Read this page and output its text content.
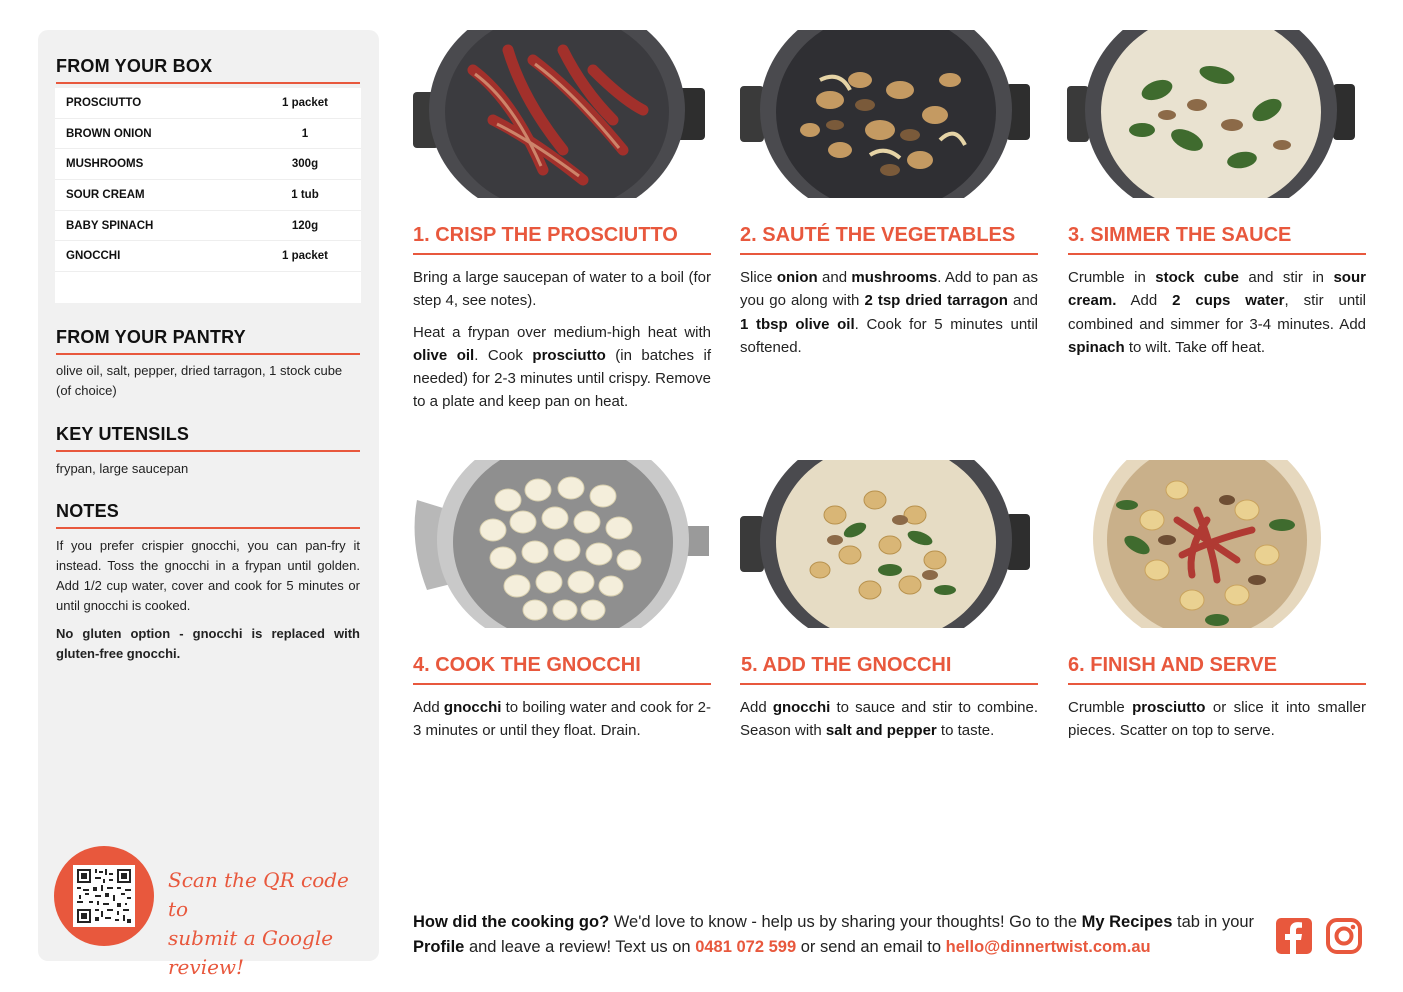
FROM YOUR BOX
PROSCIUTTO	1 packet
BROWN ONION	1
MUSHROOMS	300g
SOUR CREAM	1 tub
BABY SPINACH	120g
GNOCCHI	1 packet
FROM YOUR PANTRY
olive oil, salt, pepper, dried tarragon, 1 stock cube (of choice)
KEY UTENSILS
frypan, large saucepan
NOTES
If you prefer crispier gnocchi, you can pan-fry it instead. Toss the gnocchi in a frypan until golden. Add 1/2 cup water, cover and cook for 5 minutes or until gnocchi is cooked.
No gluten option - gnocchi is replaced with gluten-free gnocchi.
Scan the QR code to
submit a Google review!
1. CRISP THE PROSCIUTTO

Bring a large saucepan of water to a boil (for step 4, see notes).

Heat a frypan over medium-high heat with olive oil. Cook prosciutto (in batches if needed) for 2-3 minutes until crispy. Remove to a plate and keep pan on heat.

2. SAUTÉ THE VEGETABLES

Slice onion and mushrooms. Add to pan as you go along with 2 tsp dried tarragon and 1 tbsp olive oil. Cook for 5 minutes until softened.

3. SIMMER THE SAUCE

Crumble in stock cube and stir in sour cream. Add 2 cups water, stir until combined and simmer for 3-4 minutes. Add spinach to wilt. Take off heat.

4. COOK THE GNOCCHI

Add gnocchi to boiling water and cook for 2-3 minutes or until they float. Drain.

5. ADD THE GNOCCHI

Add gnocchi to sauce and stir to combine. Season with salt and pepper to taste.

6. FINISH AND SERVE

Crumble prosciutto or slice it into smaller pieces. Scatter on top to serve.

How did the cooking go? We'd love to know - help us by sharing your thoughts! Go to the My Recipes tab in your Profile and leave a review! Text us on 0481 072 599 or send an email to hello@dinnertwist.com.au
